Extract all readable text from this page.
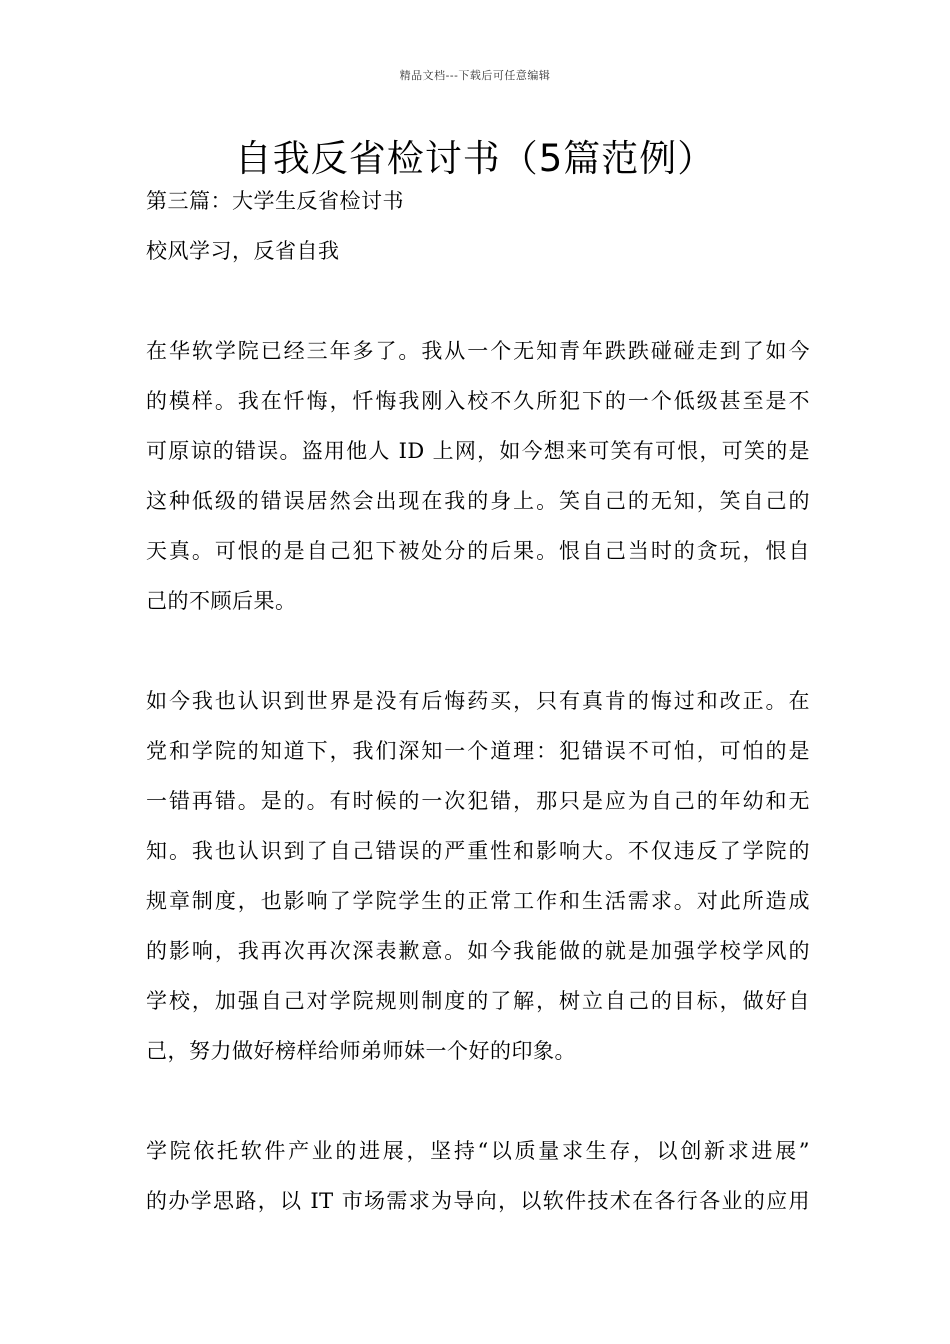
精品文档---下载后可任意编辑
自我反省检讨书（5篇范例）
第三篇：大学生反省检讨书
校风学习，反省自我
在华软学院已经三年多了。我从一个无知青年跌跌碰碰走到了如今
的模样。我在忏悔，忏悔我刚入校不久所犯下的一个低级甚至是不
可原谅的错误。盗用他人 ID 上网，如今想来可笑有可恨，可笑的是
这种低级的错误居然会出现在我的身上。笑自己的无知，笑自己的
天真。可恨的是自己犯下被处分的后果。恨自己当时的贪玩，恨自
己的不顾后果。
如今我也认识到世界是没有后悔药买，只有真肯的悔过和改正。在
党和学院的知道下，我们深知一个道理：犯错误不可怕，可怕的是
一错再错。是的。有时候的一次犯错，那只是应为自己的年幼和无
知。我也认识到了自己错误的严重性和影响大。不仅违反了学院的
规章制度，也影响了学院学生的正常工作和生活需求。对此所造成
的影响，我再次再次深表歉意。如今我能做的就是加强学校学风的
学校，加强自己对学院规则制度的了解，树立自己的目标，做好自
己，努力做好榜样给师弟师妹一个好的印象。
学院依托软件产业的进展，坚持“以质量求生存，以创新求进展”
的办学思路，以 IT 市场需求为导向，以软件技术在各行各业的应用
